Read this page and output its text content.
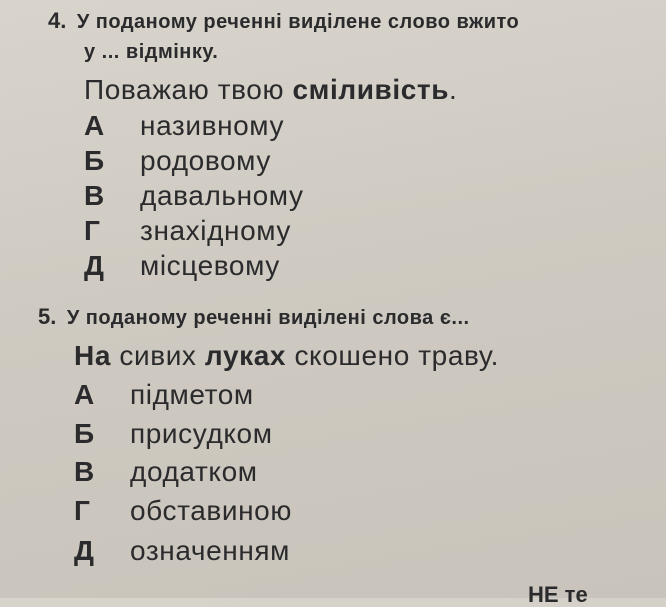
4. У поданому реченні виділене слово вжито
у ... відмінку.
Поважаю твою сміливість.
А називному
Б родовому
В давальному
Г знахідному
Д місцевому
5. У поданому реченні виділені слова є...
На сивих луках скошено траву.
А підметом
Б присудком
В додатком
Г обставиною
Д означенням
НЕ те
